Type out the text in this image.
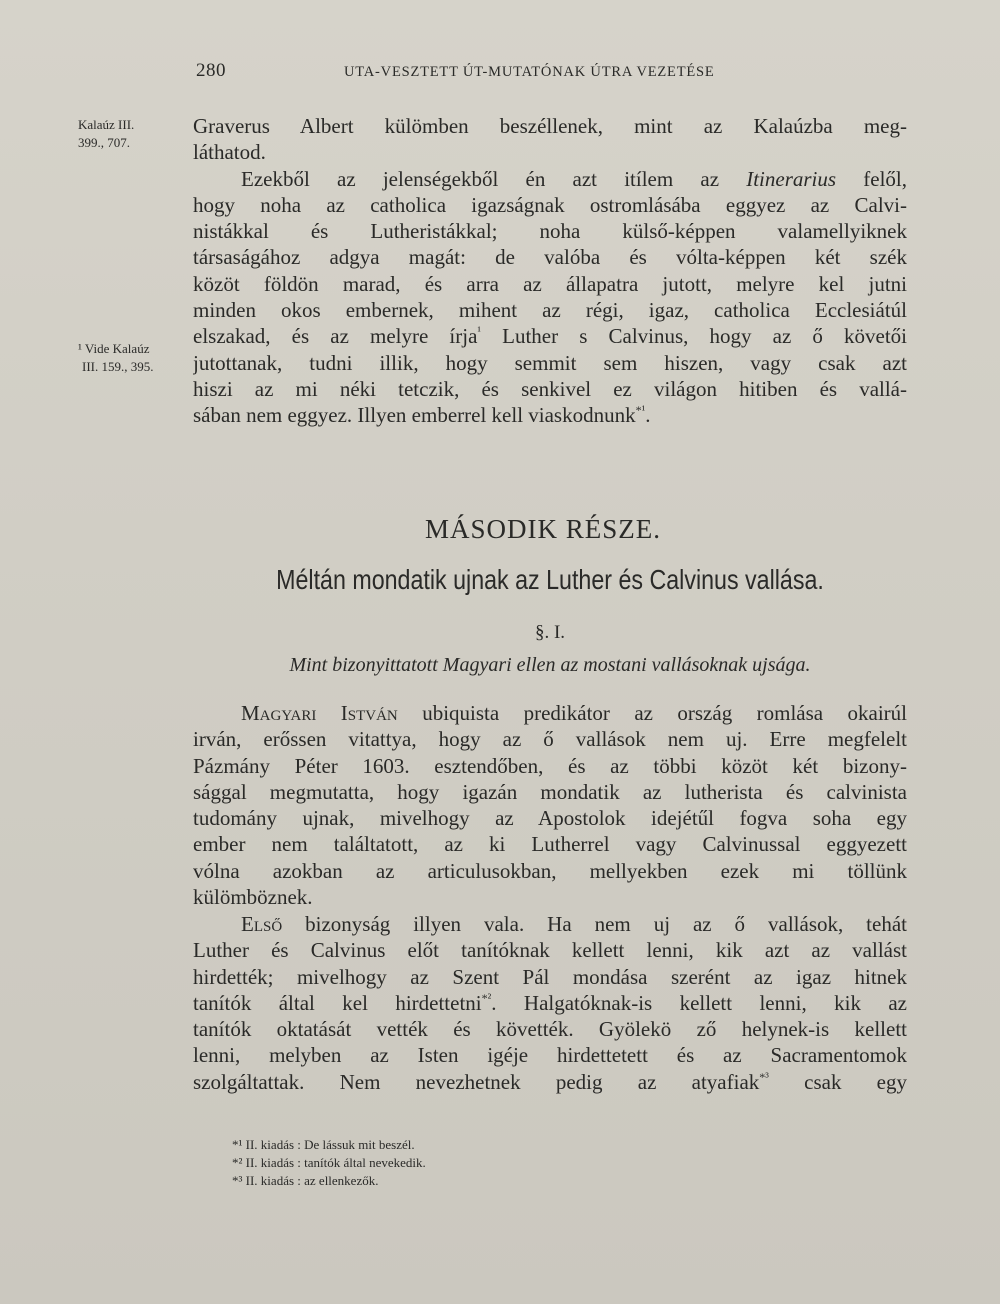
280	UTA-VESZTETT ÚT-MUTATÓNAK ÚTRA VEZETÉSE
Kalaúz III.
399., 707.
¹ Vide Kalaúz
III. 159., 395.
Graverus Albert külömben beszéllenek, mint az Kalaúzba meg-
láthatod.
Ezekből az jelenségekből én azt itílem az Itinerarius felől,
hogy noha az catholica igazságnak ostromlásába eggyez az Calvi-
nistákkal és Lutheristákkal; noha külső-képpen valamellyiknek
társaságához adgya magát: de valóba és vólta-képpen két szék
közöt földön marad, és arra az állapatra jutott, melyre kel jutni
minden okos embernek, mihent az régi, igaz, catholica Ecclesiátúl
elszakad, és az melyre írja$^{^1}$ Luther s Calvinus, hogy az ő követői
jutottanak, tudni illik, hogy semmit sem hiszen, vagy csak azt
hiszi az mi néki tetczik, és senkivel ez világon hitiben és vallá-
sában nem eggyez. Illyen emberrel kell viaskodnunk$^{*^1}$.
MÁSODIK RÉSZE.
Méltán mondatik ujnak az Luther és Calvinus vallása.
§. I.
Mint bizonyittatott Magyari ellen az mostani vallásoknak ujsága.
Magyari István ubiquista predikátor az ország romlása okairúl
irván, erőssen vitattya, hogy az ő vallások nem uj. Erre megfelelt
Pázmány Péter 1603. esztendőben, és az többi közöt két bizony-
sággal megmutatta, hogy igazán mondatik az lutherista és calvinista
tudomány ujnak, mivelhogy az Apostolok idejétűl fogva soha egy
ember nem találtatott, az ki Lutherrel vagy Calvinussal eggyezett
vólna azokban az articulusokban, mellyekben ezek mi töllünk
külömböznek.
Első bizonyság illyen vala. Ha nem uj az ő vallások, tehát
Luther és Calvinus előt tanítóknak kellett lenni, kik azt az vallást
hirdették; mivelhogy az Szent Pál mondása szerént az igaz hitnek
tanítók által kel hirdettetni$^{*^2}$. Halgatóknak-is kellett lenni, kik az
tanítók oktatását vették és követték. Gyölekö ző helynek-is kellett
lenni, melyben az Isten igéje hirdettetett és az Sacramentomok
szolgáltattak. Nem nevezhetnek pedig az atyafiak$^{*^3}$ csak egy
*¹ II. kiadás : De lássuk mit beszél.
*² II. kiadás : tanítók által nevekedik.
*³ II. kiadás : az ellenkezők.
